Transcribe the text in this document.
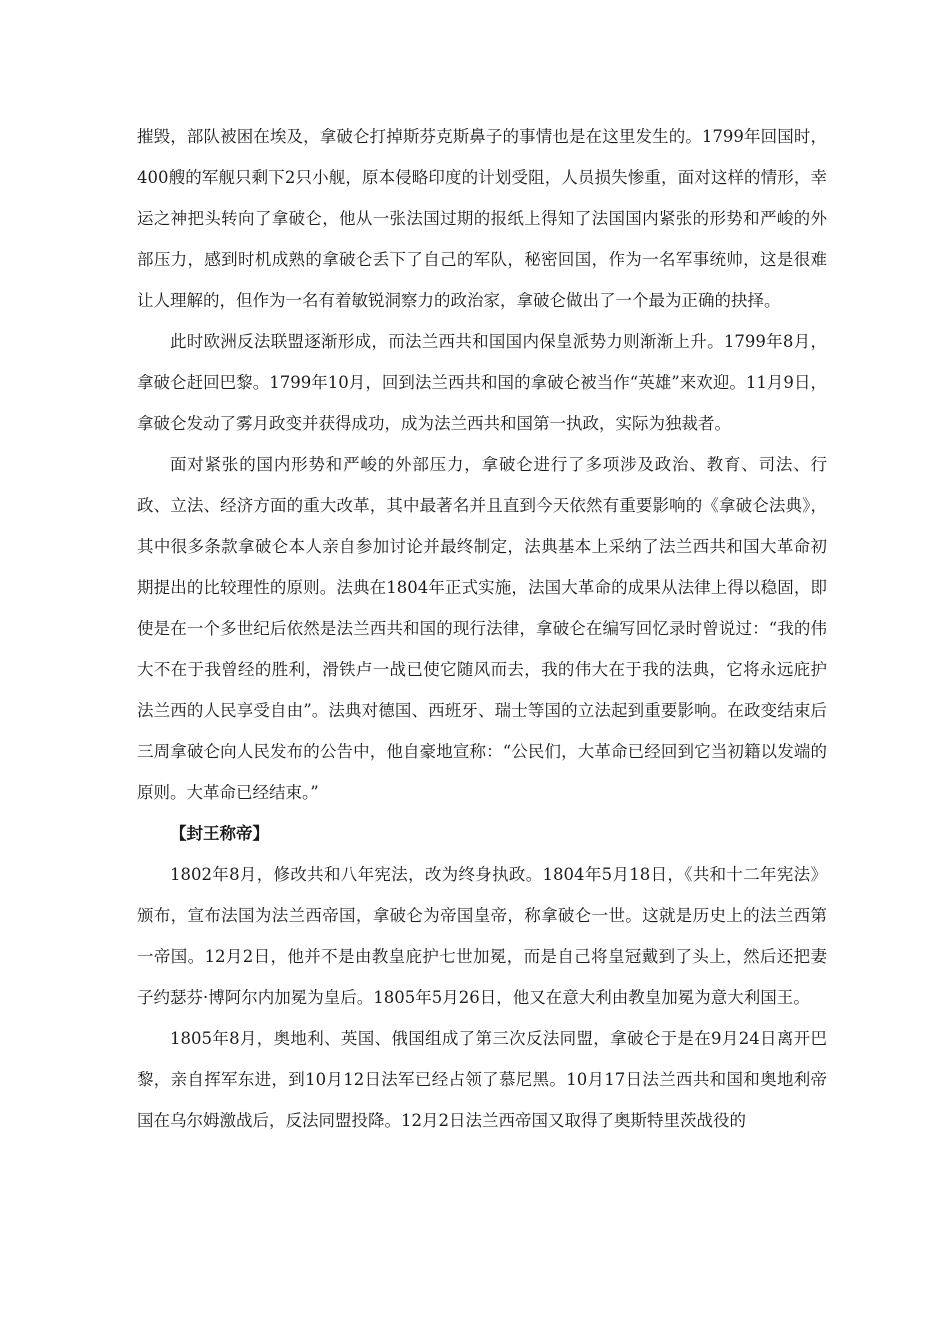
摧毁，部队被困在埃及，拿破仑打掉斯芬克斯鼻子的事情也是在这里发生的。1799年回国时，400艘的军舰只剩下2只小舰，原本侵略印度的计划受阻，人员损失惨重，面对这样的情形，幸运之神把头转向了拿破仑，他从一张法国过期的报纸上得知了法国国内紧张的形势和严峻的外部压力，感到时机成熟的拿破仑丢下了自己的军队，秘密回国，作为一名军事统帅，这是很难让人理解的，但作为一名有着敏锐洞察力的政治家，拿破仑做出了一个最为正确的抉择。

此时欧洲反法联盟逐渐形成，而法兰西共和国国内保皇派势力则渐渐上升。1799年8月，拿破仑赶回巴黎。1799年10月，回到法兰西共和国的拿破仑被当作“英雄”来欢迎。11月9日，拿破仑发动了雾月政变并获得成功，成为法兰西共和国第一执政，实际为独裁者。

面对紧张的国内形势和严峻的外部压力，拿破仑进行了多项涉及政治、教育、司法、行政、立法、经济方面的重大改革，其中最著名并且直到今天依然有重要影响的《拿破仑法典》，其中很多条款拿破仑本人亲自参加讨论并最终制定，法典基本上采纳了法兰西共和国大革命初期提出的比较理性的原则。法典在1804年正式实施，法国大革命的成果从法律上得以稳固，即使是在一个多世纪后依然是法兰西共和国的现行法律，拿破仑在编写回忆录时曾说过：“我的伟大不在于我曾经的胜利，滑铁卢一战已使它随风而去，我的伟大在于我的法典，它将永远庇护法兰西的人民享受自由”。法典对德国、西班牙、瑞士等国的立法起到重要影响。在政变结束后三周拿破仑向人民发布的公告中，他自豪地宣称：“公民们，大革命已经回到它当初籍以发端的原则。大革命已经结束。”

【封王称帝】

1802年8月，修改共和八年宪法，改为终身执政。1804年5月18日，《共和十二年宪法》颁布，宣布法国为法兰西帝国，拿破仑为帝国皇帝，称拿破仑一世。这就是历史上的法兰西第一帝国。12月2日，他并不是由教皇庇护七世加冕，而是自己将皇冠戴到了头上，然后还把妻子约瑟芬·博阿尔内加冕为皇后。1805年5月26日，他又在意大利由教皇加冕为意大利国王。

1805年8月，奥地利、英国、俄国组成了第三次反法同盟，拿破仑于是在9月24日离开巴黎，亲自挥军东进，到10月12日法军已经占领了慕尼黑。10月17日法兰西共和国和奥地利帝国在乌尔姆激战后，反法同盟投降。12月2日法兰西帝国又取得了奥斯特里茨战役的
